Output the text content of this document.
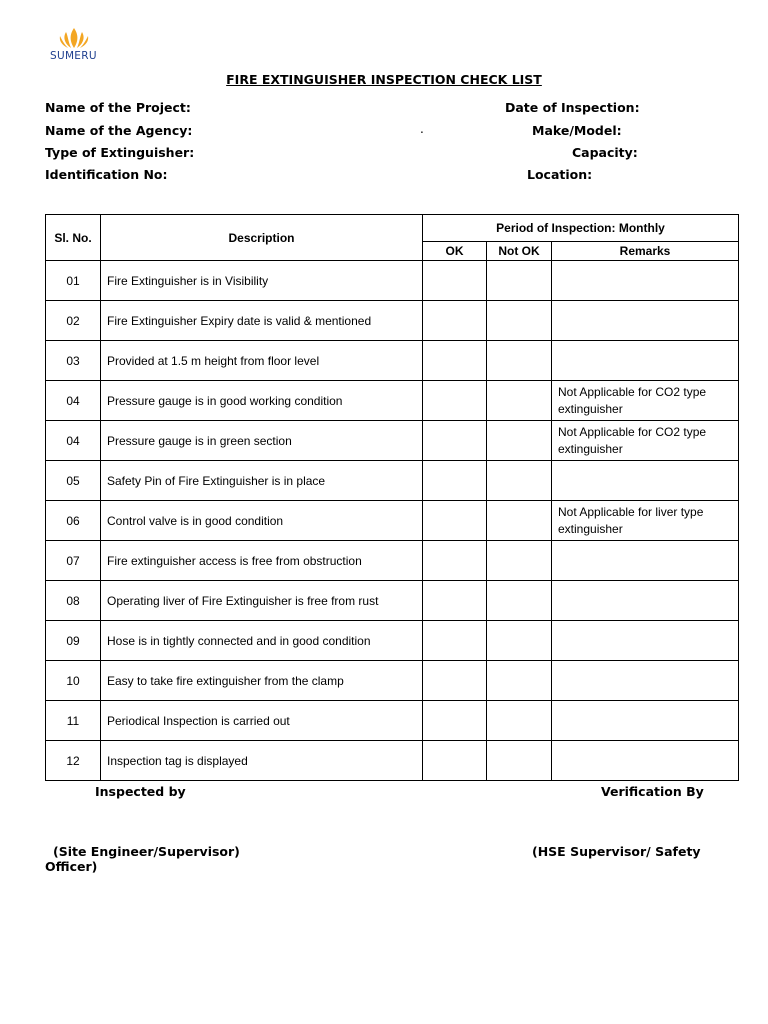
SUMERU
FIRE EXTINGUISHER INSPECTION CHECK LIST
Name of the Project:
Name of the Agency:	.
Type of Extinguisher:
Identification No:
Date of Inspection:
Make/Model:
Capacity:
Location:
Sl. No.	Description	Period of Inspection: Monthly		
		OK	Not OK	Remarks
01	Fire Extinguisher is in Visibility			
02	Fire Extinguisher Expiry date is valid & mentioned			
03	Provided at 1.5 m height from floor level			
04	Pressure gauge is in good working condition			Not Applicable for CO2 type extinguisher
04	Pressure gauge is in green section			Not Applicable for CO2 type extinguisher
05	Safety Pin of Fire Extinguisher is in place			
06	Control valve is in good condition			Not Applicable for liver type extinguisher
07	Fire extinguisher access is free from obstruction			
08	Operating liver of Fire Extinguisher is free from rust			
09	Hose is in tightly connected and in good condition			
10	Easy to take fire extinguisher from the clamp			
11	Periodical Inspection is carried out			
12	Inspection tag is displayed			
Inspected by	Verification By
(Site Engineer/Supervisor)	(HSE Supervisor/ Safety
Officer)
